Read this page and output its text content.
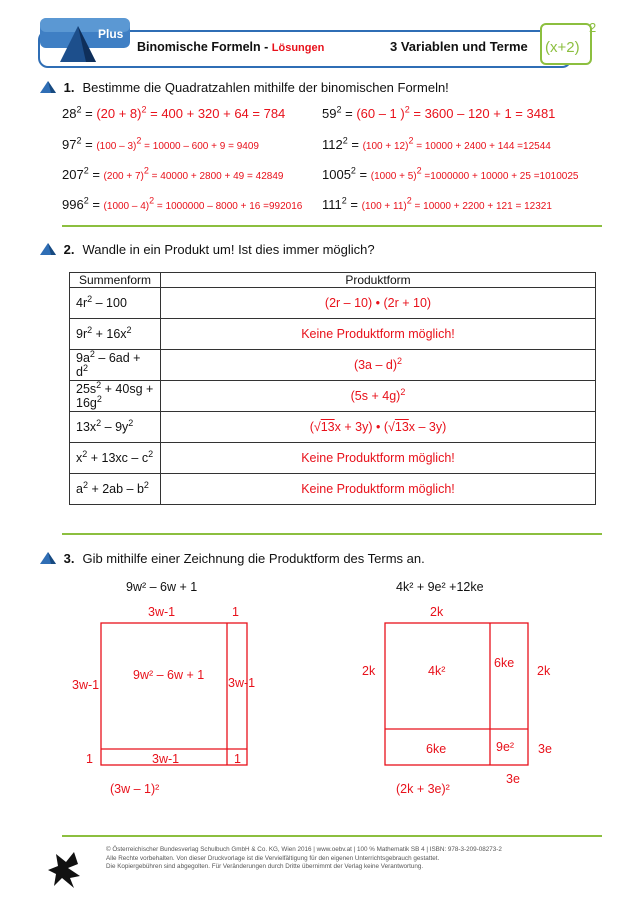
Plus
Binomische Formeln - Lösungen	3 Variablen und Terme (x+2)
2
1. Bestimme die Quadratzahlen mithilfe der binomischen Formeln!
2. Wandle in ein Produkt um! Ist dies immer möglich?
Summenform	Produktform
$4r^2 - 100$	(2r – 10) • (2r + 10)
$9r^2 + 16x^2$	Keine Produktform möglich!
$9a^2 - 6ad + d^2$	(3a – d)$^2$
$25s^2 + 40sg + 16g^2$	$(5s + 4g)^2$
$13x^2 - 9y^2$	(√13x + 3y) • (√13x – 3y)
$x^2 + 13xc - c^2$	Keine Produktform möglich!
$a^2 + 2ab - b^2$	Keine Produktform möglich!
3. Gib mithilfe einer Zeichnung die Produktform des Terms an.
9w² – 6w + 1
3w-1	1
3w-1
9w² – 6w + 1
3w-1
1	3w-1	1
(3w – 1)²
4k² + 9e² +12ke
2k
2k	2k
4k²
6ke
6ke	9e² 3e
3e
(2k + 3e)²
© Österreichischer Bundesverlag Schulbuch GmbH & Co. KG, Wien 2016 | www.oebv.at | 100 % Mathematik SB 4 | ISBN: 978-3-209-08273-2
Alle Rechte vorbehalten. Von dieser Druckvorlage ist die Vervielfältigung für den eigenen Unterrichtsgebrauch gestattet.
Die Kopiergebühren sind abgegolten. Für Veränderungen durch Dritte übernimmt der Verlag keine Verantwortung.
$28^2 = (20 + 8)^2 = 400 + 320 + 64 = 784$
$97^2 = (100 - 3)^2 = 10000 - 600 + 9 = 9409$
$207^2 = (200 + 7)^2 = 40000 + 2800 + 49 = 42849$
$996^2 = (1000 - 4)^2 = 1000000 - 8000 + 16 =992016$
$59^2 = (60 - 1$ )$^2$ = 3600 – 120 + 1 = 3481
$112^2 = (100 + 12)^2 = 10000 + 2400 + 144 =12544$
$1005^2 = (1000 + 5)^2 =1000000 + 10000 + 25 =1010025$
$111^2 = (100 + 11)^2 = 10000 + 2200 + 121 = 12321$
